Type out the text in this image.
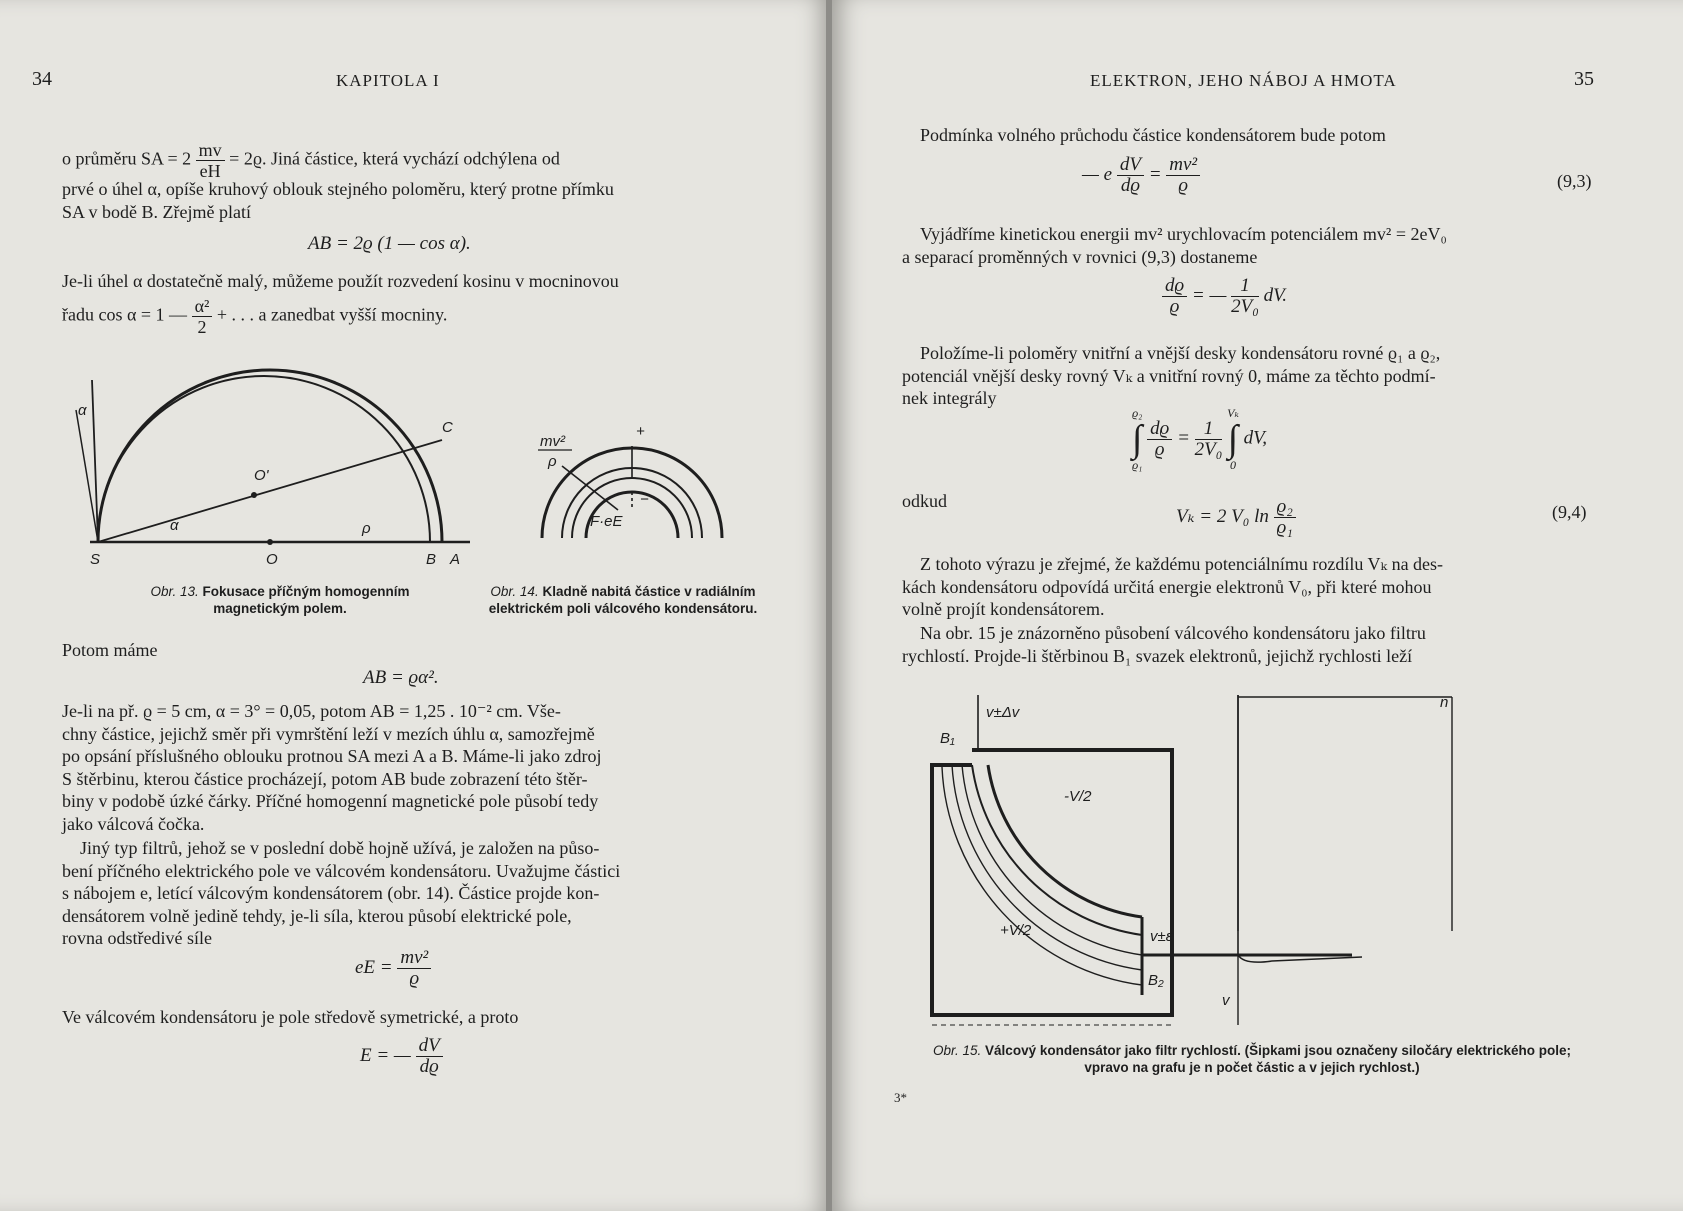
34	KAPITOLA I
o průměru SA = $2 \frac{mv}{eH} = 2ϱ$. Jiná částice, která vychází odchýlena od
prvé o úhel α, opíše kruhový oblouk stejného poloměru, který protne přímku
SA v bodě B. Zřejmě platí
AB = 2ϱ (1 — cos α).
Je-li úhel α dostatečně malý, můžeme použít rozvedení kosinu v mocninovou
řadu cos α = 1 — $\frac{\text{α²}}{2}$ + . . . a zanedbat vyšší mocniny.
α
C
O'
α	ρ
S	O	B A
Obr. 13. Fokusace příčným homogenním magnetickým polem.
mv²
ρ
+
−
F·eE
Obr. 14. Kladně nabitá částice v radiálním elektrickém poli válcového kondensátoru.
Potom máme
AB = ϱα².
Je-li na př. ϱ = 5 cm, α = 3° = 0,05, potom AB = 1,25 . 10⁻² cm. Vše-
chny částice, jejichž směr při vymrštění leží v mezích úhlu α, samozřejmě
po opsání příslušného oblouku protnou SA mezi A a B. Máme-li jako zdroj
S štěrbinu, kterou částice procházejí, potom AB bude zobrazení této štěr-
biny v podobě úzké čárky. Příčné homogenní magnetické pole působí tedy
jako válcová čočka.
Jiný typ filtrů, jehož se v poslední době hojně užívá, je založen na půso-
bení příčného elektrického pole ve válcovém kondensátoru. Uvažujme částici
s nábojem e, letící válcovým kondensátorem (obr. 14). Částice projde kon-
densátorem volně jedině tehdy, je-li síla, kterou působí elektrické pole,
rovna odstředivé síle
eE = $\frac{\text{mv²}}{ϱ}$
Ve válcovém kondensátoru je pole středově symetrické, a proto
E = — $\frac{dV}{dϱ}$
ELEKTRON, JEHO NÁBOJ A HMOTA	35
Podmínka volného průchodu částice kondensátorem bude potom
— e $\frac{dV}{dϱ} = \frac{\text{mv²}}{ϱ}$	(9,3)
Vyjádříme kinetickou energii mv² urychlovacím potenciálem mv² = 2eV₀
a separací proměnných v rovnici (9,3) dostaneme
$\frac{dϱ}{ϱ}$ = — $\frac{1}{\text{2V₀}}$ dV.
Položíme-li poloměry vnitřní a vnější desky kondensátoru rovné ϱ₁ a ϱ₂,
potenciál vnější desky rovný Vₖ a vnitřní rovný 0, máme za těchto podmí-
nek integrály
ϱ₂
∫
ϱ₁

$\frac{dϱ}{ϱ} = \frac{1}{\text{2V₀}}$

Vₖ
∫
0
dV,
odkud
Vₖ = 2 V₀ $\ln \frac{\text{ϱ₂}}{\text{ϱ₁}}$	(9,4)
Z tohoto výrazu je zřejmé, že každému potenciálnímu rozdílu Vₖ na des-
kách kondensátoru odpovídá určitá energie elektronů V₀, při které mohou
volně projít kondensátorem.
Na obr. 15 je znázorněno působení válcového kondensátoru jako filtru
rychlostí. Projde-li štěrbinou B₁ svazek elektronů, jejichž rychlosti leží
v±Δv
B₁
-V/2
+V/2	v±ε
B₂
v
n
Obr. 15. Válcový kondensátor jako filtr rychlostí. (Šipkami jsou označeny siločáry elektrického pole; vpravo na grafu je n počet částic a v jejich rychlost.)
3*
